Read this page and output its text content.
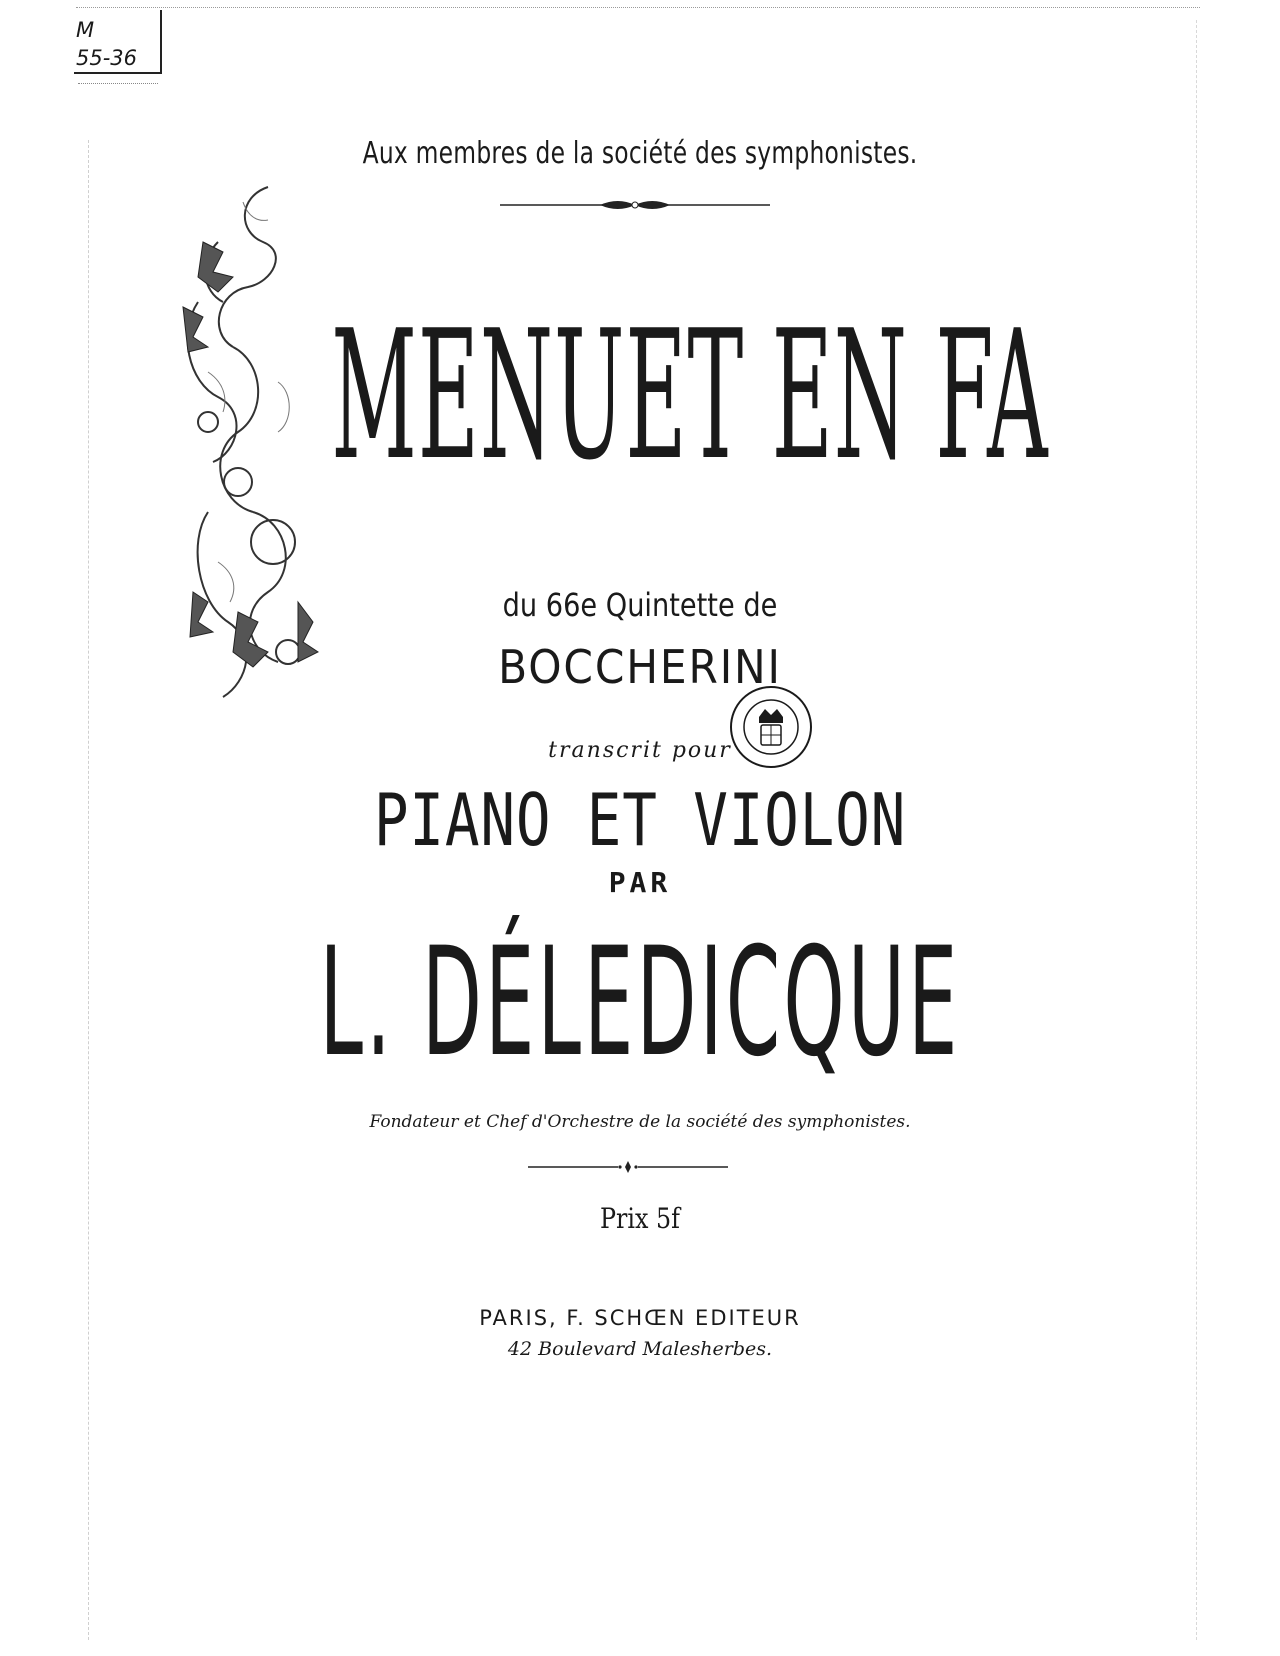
M
55-36
Aux membres de la société des symphonistes.
MENUET EN FA
du 66e Quintette de
BOCCHERINI
transcrit pour
PIANO ET VIOLON
PAR
L. DÉLEDICQUE
Fondateur et Chef d'Orchestre de la société des symphonistes.
Prix 5f
PARIS, F. SCHŒN EDITEUR
42 Boulevard Malesherbes.
